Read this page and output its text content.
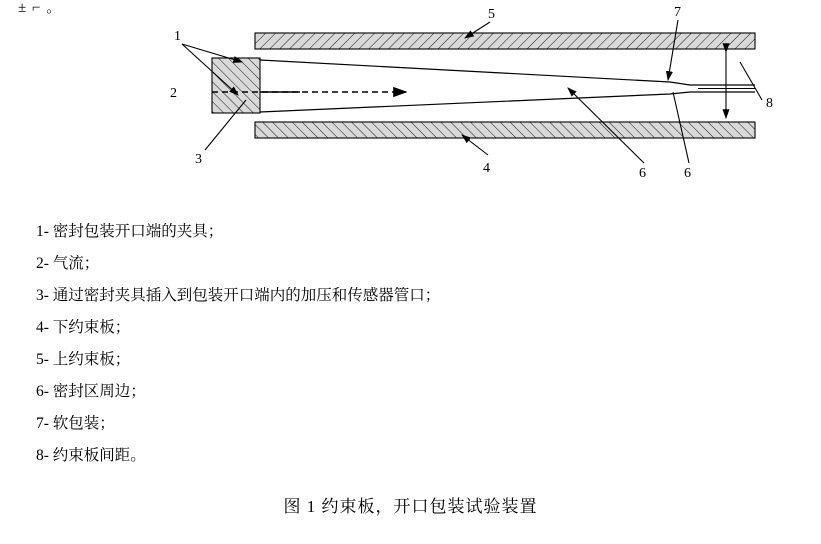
± ⌐ 。
1
2
3
4
5
6	6
7
8
1- 密封包装开口端的夹具；
2- 气流；
3- 通过密封夹具插入到包装开口端内的加压和传感器管口；
4- 下约束板；
5- 上约束板；
6- 密封区周边；
7- 软包装；
8- 约束板间距。
图 1 约束板，开口包装试验装置
